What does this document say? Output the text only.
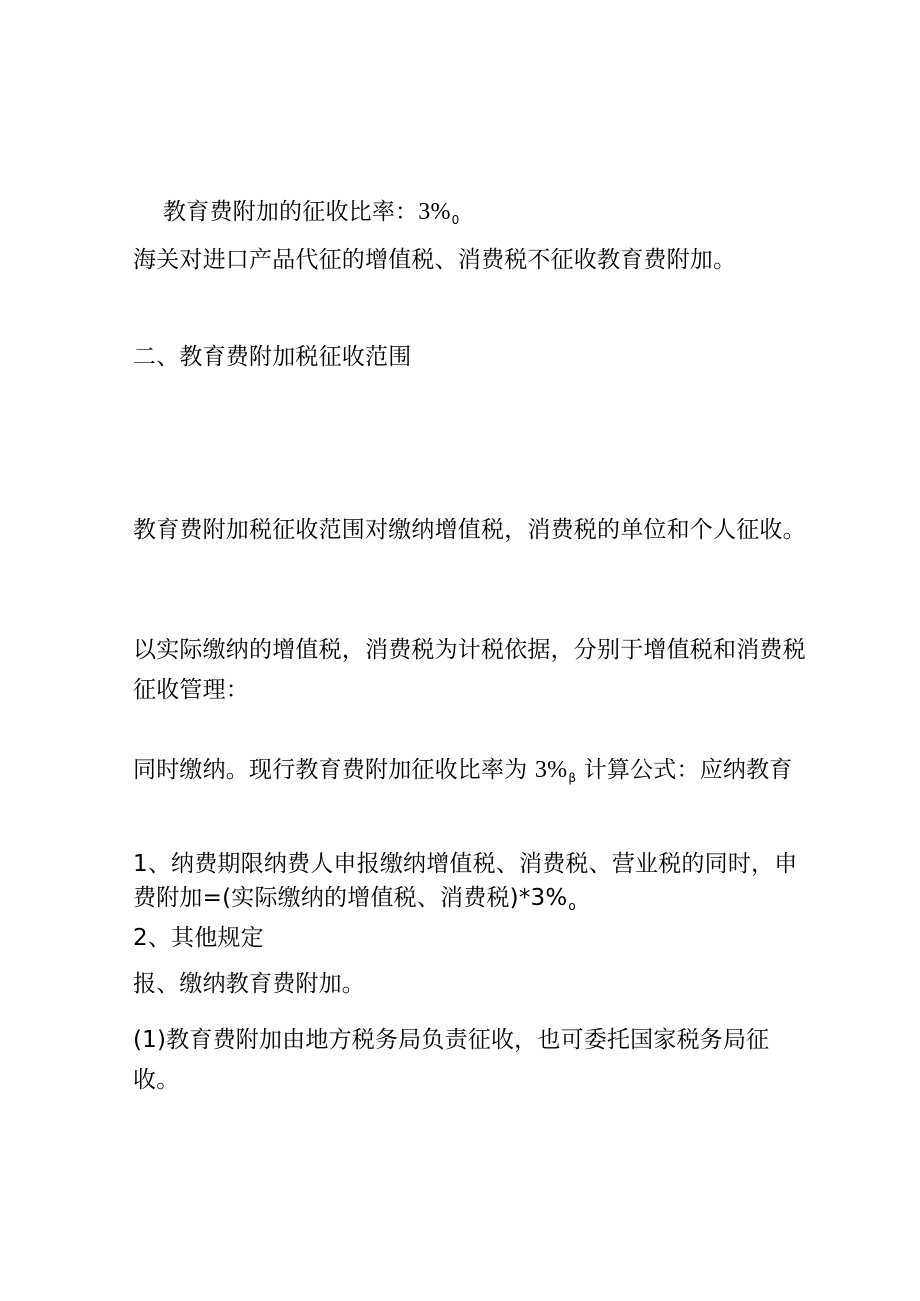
教育费附加的征收比率：$3\%_0$

海关对进口产品代征的增值税、消费税不征收教育费附加。

二、教育费附加税征收范围

教育费附加税征收范围对缴纳增值税，消费税的单位和个人征收。

以实际缴纳的增值税，消费税为计税依据，分别于增值税和消费税

同时缴纳。现行教育费附加征收比率为 $3\%_\beta$ 计算公式：应纳教育

费附加=(实际缴纳的增值税、消费税)$*3\%_o$

征收管理：

1、纳费期限纳费人申报缴纳增值税、消费税、营业税的同时，申

报、缴纳教育费附加。

2、其他规定

(1)教育费附加由地方税务局负责征收，也可委托国家税务局征收。
